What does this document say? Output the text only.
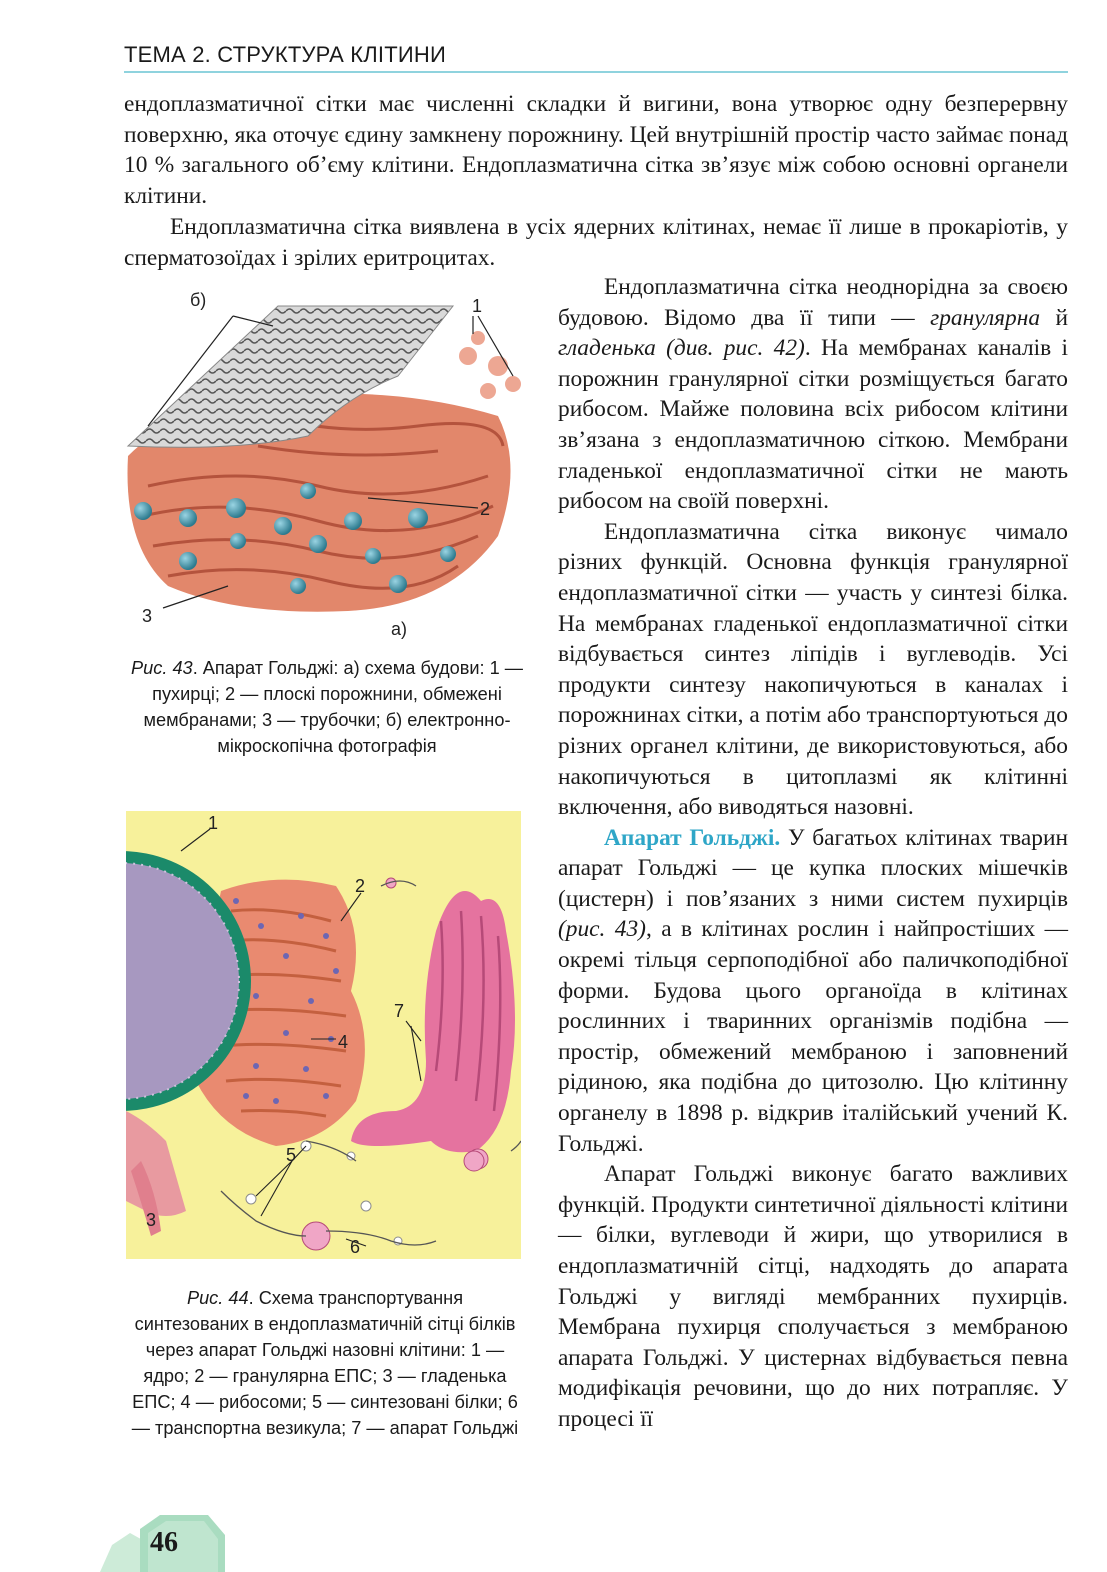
ТЕМА 2. СТРУКТУРА КЛІТИНИ

ендоплазматичної сітки має численні складки й вигини, вона утворює одну безперервну поверхню, яка оточує єдину замкнену порожнину. Цей внутрішній простір часто займає понад 10 % загального об’єму клітини. Ендоплазматична сітка зв’язує між собою основні органели клітини.

Ендоплазматична сітка виявлена в усіх ядерних клітинах, немає її лише в прокаріотів, у сперматозоїдах і зрілих еритроцитах.

Ендоплазматична сітка неоднорідна за своєю будовою. Відомо два її типи — гранулярна й гладенька (див. рис. 42). На мембранах каналів і порожнин гранулярної сітки розміщується багато рибосом. Майже половина всіх рибосом клітини зв’язана з ендоплазматичною сіткою. Мембрани гладенької ендоплазматичної сітки не мають рибосом на своїй поверхні.

Ендоплазматична сітка виконує чимало різних функцій. Основна функція гранулярної ендоплазматичної сітки — участь у синтезі білка. На мембранах гладенької ендоплазматичної сітки відбувається синтез ліпідів і вуглеводів. Усі продукти синтезу накопичуються в каналах і порожнинах сітки, а потім або транспортуються до різних органел клітини, де використовуються, або накопичуються в цитоплазмі як клітинні включення, або виводяться назовні.

Апарат Гольджі. У багатьох клітинах тварин апарат Гольджі — це купка плоских мішечків (цистерн) і пов’язаних з ними систем пухирців (рис. 43), а в клітинах рослин і найпростіших — окремі тільця серпоподібної або паличкоподібної форми. Будова цього органоїда в клітинах рослинних і тваринних організмів подібна — простір, обмежений мембраною і заповнений рідиною, яка подібна до цитозолю. Цю клітинну органелу в 1898 р. відкрив італійський учений К. Гольджі.

Апарат Гольджі виконує багато важливих функцій. Продукти синтетичної діяльності клітини — білки, вуглеводи й жири, що утворилися в ендоплазматичній сітці, надходять до апарата Гольджі у вигляді мембранних пухирців. Мембрана пухирця сполучається з мембраною апарата Гольджі. У цистернах відбувається певна модифікація речовини, що до них потрапляє. У процесі її

б)	1
2
3
а)
Рис. 43. Апарат Гольджі: а) схема будови: 1 — пухирці; 2 — плоскі порожнини, обмежені мембранами; 3 — трубочки; б) електронно-мікроскопічна фотографія
1
2
3
4
5
6
7
Рис. 44. Схема транспортування синтезованих в ендоплазматичній сітці білків через апарат Гольджі назовні клітини: 1 — ядро; 2 — гранулярна ЕПС; 3 — гладенька ЕПС; 4 — рибосоми; 5 — синтезовані білки; 6 — транспортна везикула; 7 — апарат Гольджі
46
